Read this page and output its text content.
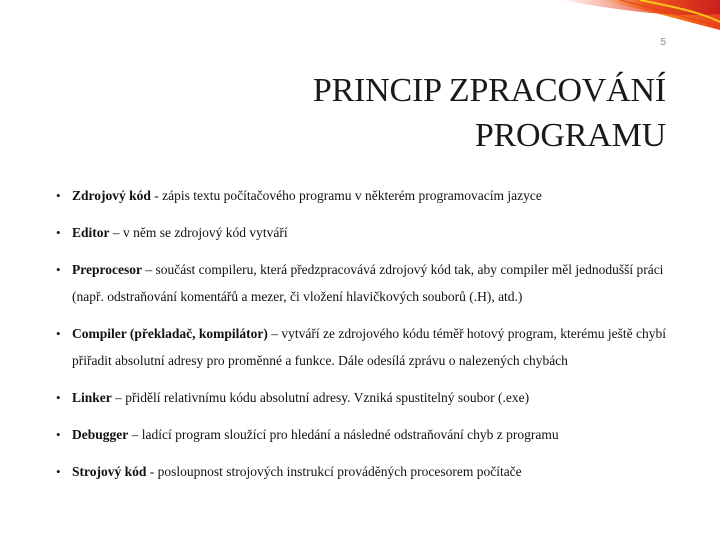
5
PRINCIP ZPRACOVÁNÍ
PROGRAMU
• Zdrojový kód - zápis textu počítačového programu v některém programovacím jazyce
• Editor – v něm se zdrojový kód vytváří
• Preprocesor – součást compileru, která předzpracovává zdrojový kód tak, aby compiler měl jednodušší práci (např. odstraňování komentářů a mezer, či vložení hlavičkových souborů (.H), atd.)
• Compiler (překladač, kompilátor) – vytváří ze zdrojového kódu téměř hotový program, kterému ještě chybí přiřadit absolutní adresy pro proměnné a funkce. Dále odesílá zprávu o nalezených chybách
• Linker – přidělí relativnímu kódu absolutní adresy. Vzniká spustitelný soubor (.exe)
• Debugger – ladící program sloužící pro hledání a následné odstraňování chyb z programu
• Strojový kód - posloupnost strojových instrukcí prováděných procesorem počítače
